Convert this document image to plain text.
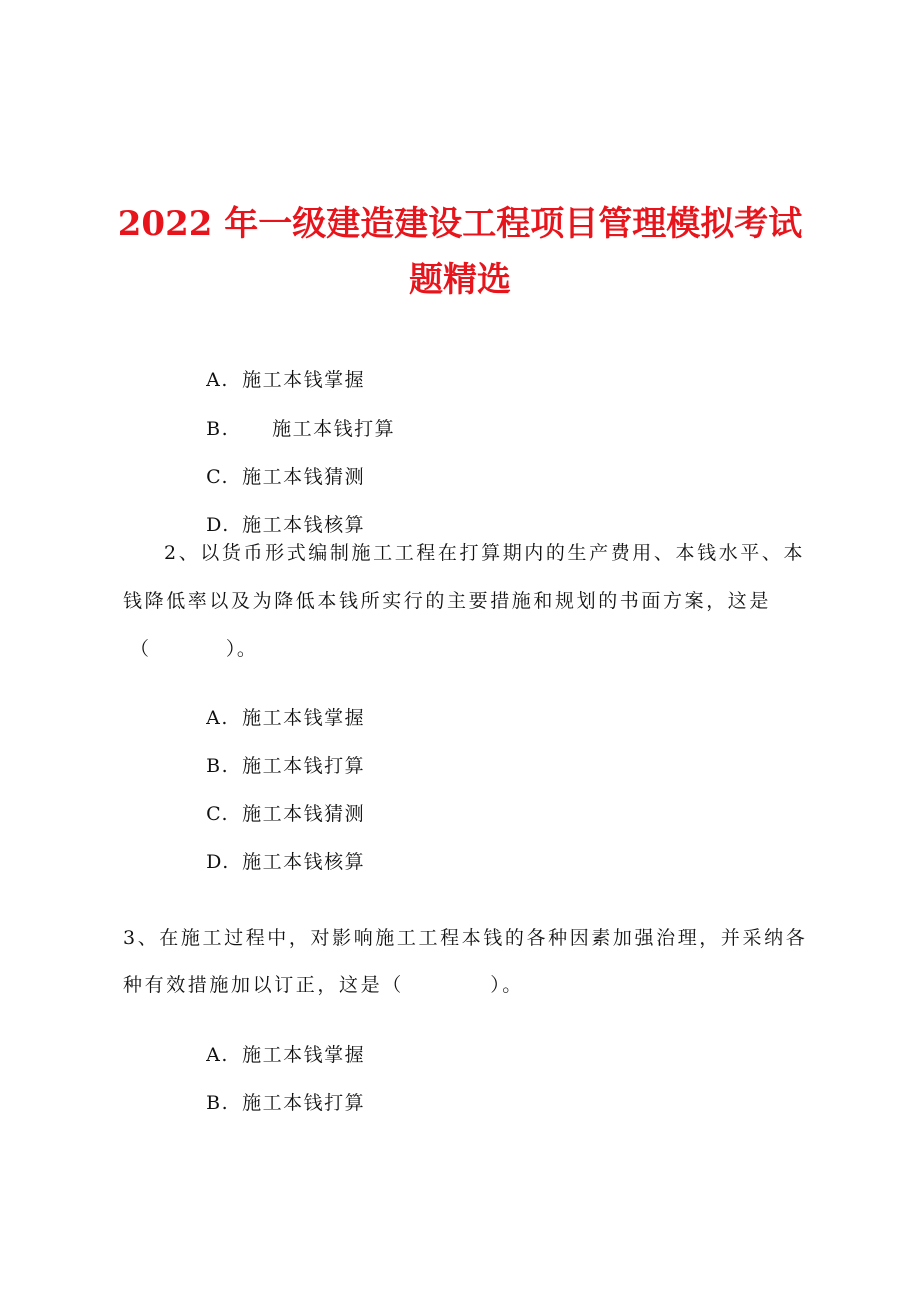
2022 年一级建造建设工程项目管理模拟考试
题精选

A. 施工本钱掌握

B. 施工本钱打算

C. 施工本钱猜测

D. 施工本钱核算

2、以货币形式编制施工工程在打算期内的生产费用、本钱水平、本
钱降低率以及为降低本钱所实行的主要措施和规划的书面方案，这是
（          ）。

A. 施工本钱掌握

B. 施工本钱打算

C. 施工本钱猜测

D. 施工本钱核算

3、在施工过程中，对影响施工工程本钱的各种因素加强治理，并采纳各
种有效措施加以订正，这是（          ）。

A. 施工本钱掌握

B. 施工本钱打算
